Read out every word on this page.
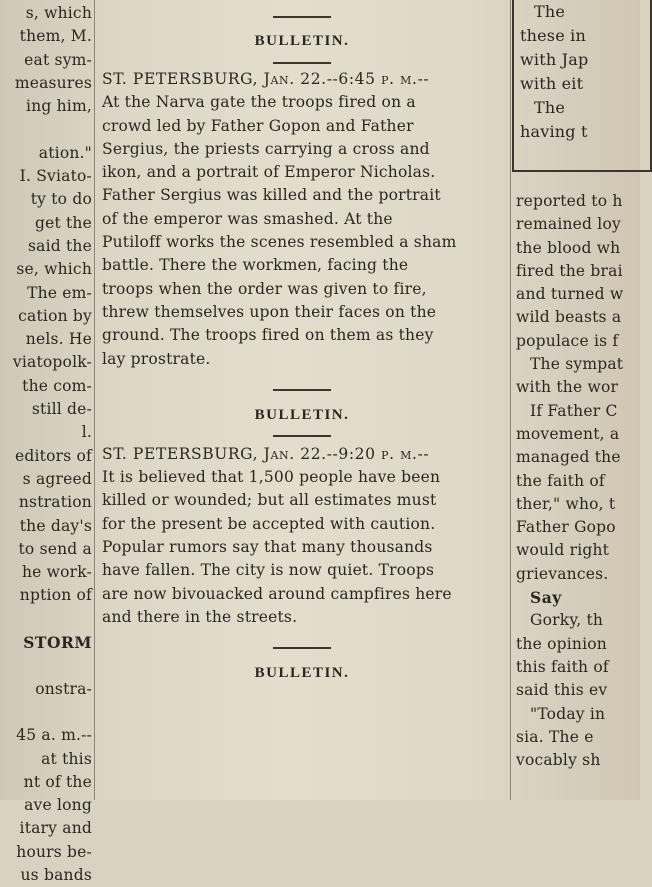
s, which
them, M.
eat sym-
measures
ing him,

ation."
I. Sviato-
ty to do
get the
said the
se, which
The em-
cation by
nels. He
viatopolk-
the com-
still de-
l.
editors of
s agreed
nstration
the day's
to send a
he work-
nption of

STORM

onstra-

45 a. m.--
at this
nt of the
ave long
itary and
hours be-
us bands
BULLETIN.
ST. PETERSBURG, Jan. 22.--6:45 p. m.--
At the Narva gate the troops fired on a
crowd led by Father Gopon and Father
Sergius, the priests carrying a cross and
ikon, and a portrait of Emperor Nicholas.
Father Sergius was killed and the portrait
of the emperor was smashed. At the
Putiloff works the scenes resembled a sham
battle. There the workmen, facing the
troops when the order was given to fire,
threw themselves upon their faces on the
ground. The troops fired on them as they
lay prostrate.
BULLETIN.
ST. PETERSBURG, Jan. 22.--9:20 p. m.--
It is believed that 1,500 people have been
killed or wounded; but all estimates must
for the present be accepted with caution.
Popular rumors say that many thousands
have fallen. The city is now quiet. Troops
are now bivouacked around campfires here
and there in the streets.
BULLETIN.
The
these in
with Jap
with eit
The
having t
reported to h
remained loy
the blood wh
fired the brai
and turned w
wild beasts a
populace is f
The sympat
with the wor
If Father C
movement, a
managed the
the faith of
ther," who, t
Father Gopo
would right
grievances.
Say
Gorky, th
the opinion
this faith of
said this ev
"Today in
sia. The e
vocably sh
